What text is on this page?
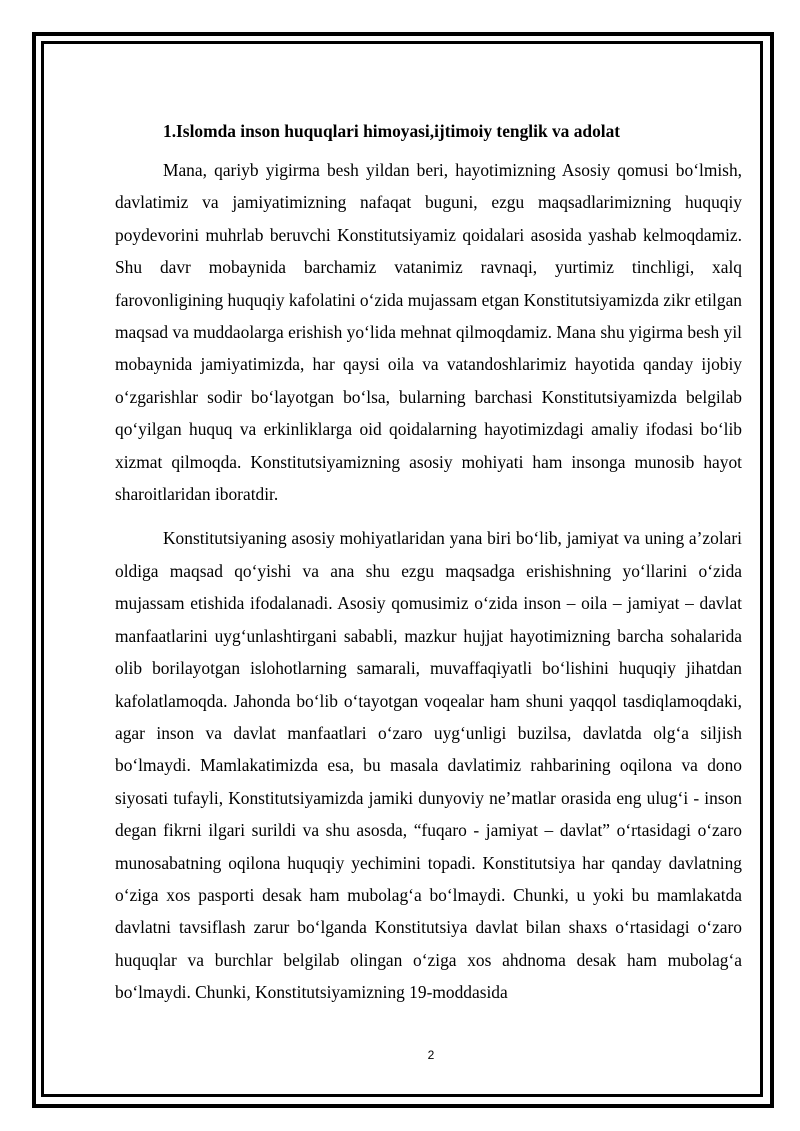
1.Islomda inson huquqlari himoyasi,ijtimoiy tenglik va adolat

Mana, qariyb yigirma besh yildan beri, hayotimizning Asosiy qomusi boʻlmish, davlatimiz va jamiyatimizning nafaqat buguni, ezgu maqsadlarimizning huquqiy poydevorini muhrlab beruvchi Konstitutsiyamiz qoidalari asosida yashab kelmoqdamiz. Shu davr mobaynida barchamiz vatanimiz ravnaqi, yurtimiz tinchligi, xalq farovonligining huquqiy kafolatini oʻzida mujassam etgan Konstitutsiyamizda zikr etilgan maqsad va muddaolarga erishish yoʻlida mehnat qilmoqdamiz. Mana shu yigirma besh yil mobaynida jamiyatimizda, har qaysi oila va vatandoshlarimiz hayotida qanday ijobiy oʻzgarishlar sodir boʻlayotgan boʻlsa, bularning barchasi Konstitutsiyamizda belgilab qoʻyilgan huquq va erkinliklarga oid qoidalarning hayotimizdagi amaliy ifodasi boʻlib xizmat qilmoqda. Konstitutsiyamizning asosiy mohiyati ham insonga munosib hayot sharoitlaridan iboratdir.

Konstitutsiyaning asosiy mohiyatlaridan yana biri boʻlib, jamiyat va uning aʼzolari oldiga maqsad qoʻyishi va ana shu ezgu maqsadga erishishning yoʻllarini oʻzida mujassam etishida ifodalanadi. Asosiy qomusimiz oʻzida inson – oila – jamiyat – davlat manfaatlarini uygʻunlashtirgani sababli, mazkur hujjat hayotimizning barcha sohalarida olib borilayotgan islohotlarning samarali, muvaffaqiyatli boʻlishini huquqiy jihatdan kafolatlamoqda. Jahonda boʻlib oʻtayotgan voqealar ham shuni yaqqol tasdiqlamoqdaki, agar inson va davlat manfaatlari oʻzaro uygʻunligi buzilsa, davlatda olgʻa siljish boʻlmaydi. Mamlakatimizda esa, bu masala davlatimiz rahbarining oqilona va dono siyosati tufayli, Konstitutsiyamizda jamiki dunyoviy neʼmatlar orasida eng ulugʻi - inson degan fikrni ilgari surildi va shu asosda, “fuqaro - jamiyat – davlat” oʻrtasidagi oʻzaro munosabatning oqilona huquqiy yechimini topadi. Konstitutsiya har qanday davlatning oʻziga xos pasporti desak ham mubolagʻa boʻlmaydi. Chunki, u yoki bu mamlakatda davlatni tavsiflash zarur boʻlganda Konstitutsiya davlat bilan shaxs oʻrtasidagi oʻzaro huquqlar va burchlar belgilab olingan oʻziga xos ahdnoma desak ham mubolagʻa boʻlmaydi. Chunki, Konstitutsiyamizning 19-moddasida

2
